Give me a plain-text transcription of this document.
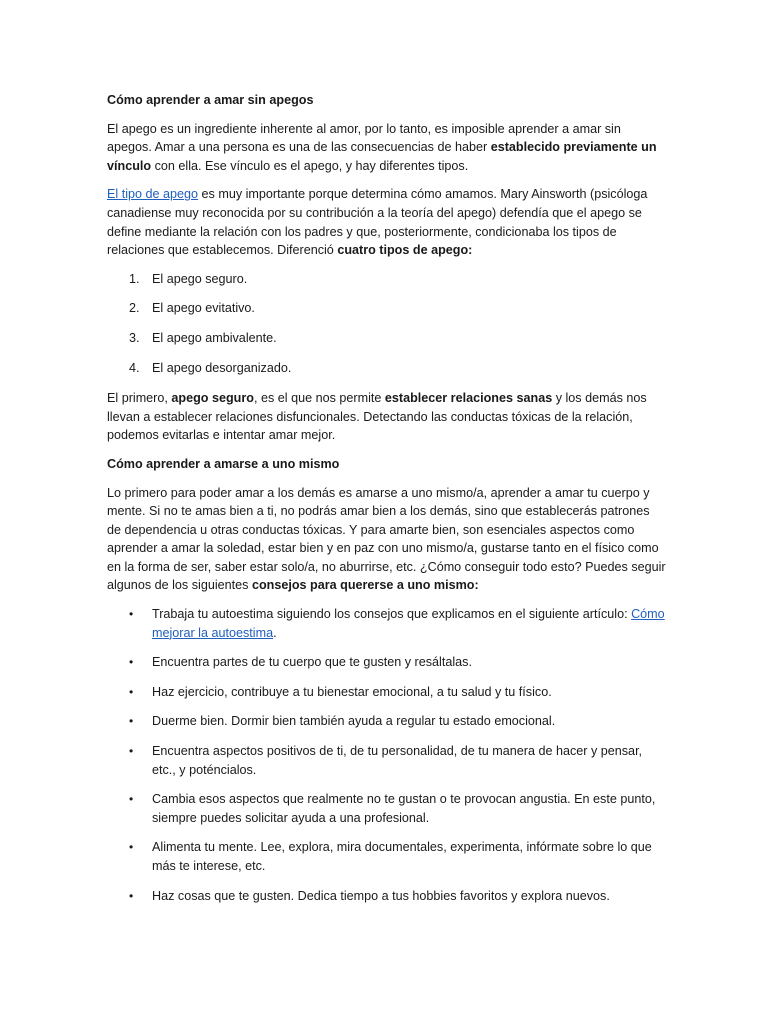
Cómo aprender a amar sin apegos

El apego es un ingrediente inherente al amor, por lo tanto, es imposible aprender a amar sin apegos. Amar a una persona es una de las consecuencias de haber establecido previamente un vínculo con ella. Ese vínculo es el apego, y hay diferentes tipos.

El tipo de apego es muy importante porque determina cómo amamos. Mary Ainsworth (psicóloga canadiense muy reconocida por su contribución a la teoría del apego) defendía que el apego se define mediante la relación con los padres y que, posteriormente, condicionaba los tipos de relaciones que establecemos. Diferenció cuatro tipos de apego:

1. El apego seguro.
2. El apego evitativo.
3. El apego ambivalente.
4. El apego desorganizado.

El primero, apego seguro, es el que nos permite establecer relaciones sanas y los demás nos llevan a establecer relaciones disfuncionales. Detectando las conductas tóxicas de la relación, podemos evitarlas e intentar amar mejor.

Cómo aprender a amarse a uno mismo

Lo primero para poder amar a los demás es amarse a uno mismo/a, aprender a amar tu cuerpo y mente. Si no te amas bien a ti, no podrás amar bien a los demás, sino que establecerás patrones de dependencia u otras conductas tóxicas. Y para amarte bien, son esenciales aspectos como aprender a amar la soledad, estar bien y en paz con uno mismo/a, gustarse tanto en el físico como en la forma de ser, saber estar solo/a, no aburrirse, etc. ¿Cómo conseguir todo esto? Puedes seguir algunos de los siguientes consejos para quererse a uno mismo:

• Trabaja tu autoestima siguiendo los consejos que explicamos en el siguiente artículo: Cómo mejorar la autoestima.
• Encuentra partes de tu cuerpo que te gusten y resáltalas.
• Haz ejercicio, contribuye a tu bienestar emocional, a tu salud y tu físico.
• Duerme bien. Dormir bien también ayuda a regular tu estado emocional.
• Encuentra aspectos positivos de ti, de tu personalidad, de tu manera de hacer y pensar, etc., y poténcialos.
• Cambia esos aspectos que realmente no te gustan o te provocan angustia. En este punto, siempre puedes solicitar ayuda a una profesional.
• Alimenta tu mente. Lee, explora, mira documentales, experimenta, infórmate sobre lo que más te interese, etc.
• Haz cosas que te gusten. Dedica tiempo a tus hobbies favoritos y explora nuevos.
